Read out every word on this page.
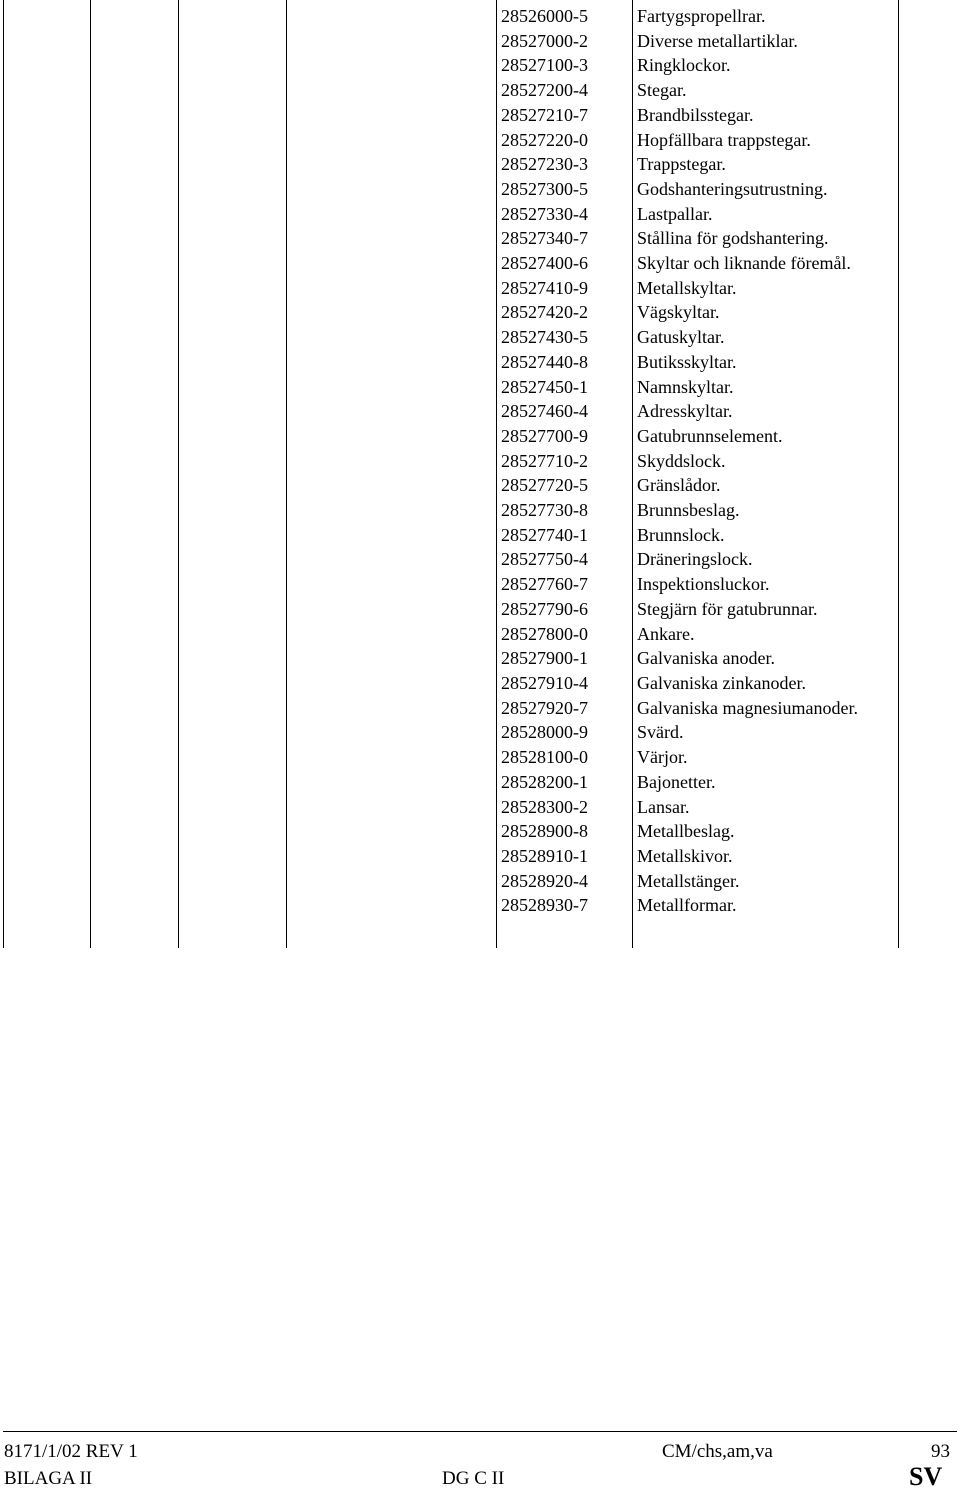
28526000-5	Fartygspropellrar.
28527000-2	Diverse metallartiklar.
28527100-3	Ringklockor.
28527200-4	Stegar.
28527210-7	Brandbilsstegar.
28527220-0	Hopfällbara trappstegar.
28527230-3	Trappstegar.
28527300-5	Godshanteringsutrustning.
28527330-4	Lastpallar.
28527340-7	Stållina för godshantering.
28527400-6	Skyltar och liknande föremål.
28527410-9	Metallskyltar.
28527420-2	Vägskyltar.
28527430-5	Gatuskyltar.
28527440-8	Butiksskyltar.
28527450-1	Namnskyltar.
28527460-4	Adresskyltar.
28527700-9	Gatubrunnselement.
28527710-2	Skyddslock.
28527720-5	Gränslådor.
28527730-8	Brunnsbeslag.
28527740-1	Brunnslock.
28527750-4	Dräneringslock.
28527760-7	Inspektionsluckor.
28527790-6	Stegjärn för gatubrunnar.
28527800-0	Ankare.
28527900-1	Galvaniska anoder.
28527910-4	Galvaniska zinkanoder.
28527920-7	Galvaniska magnesiumanoder.
28528000-9	Svärd.
28528100-0	Värjor.
28528200-1	Bajonetter.
28528300-2	Lansar.
28528900-8	Metallbeslag.
28528910-1	Metallskivor.
28528920-4	Metallstänger.
28528930-7	Metallformar.
8171/1/02 REV 1	CM/chs,am,va	93
BILAGA II	DG C II	SV
